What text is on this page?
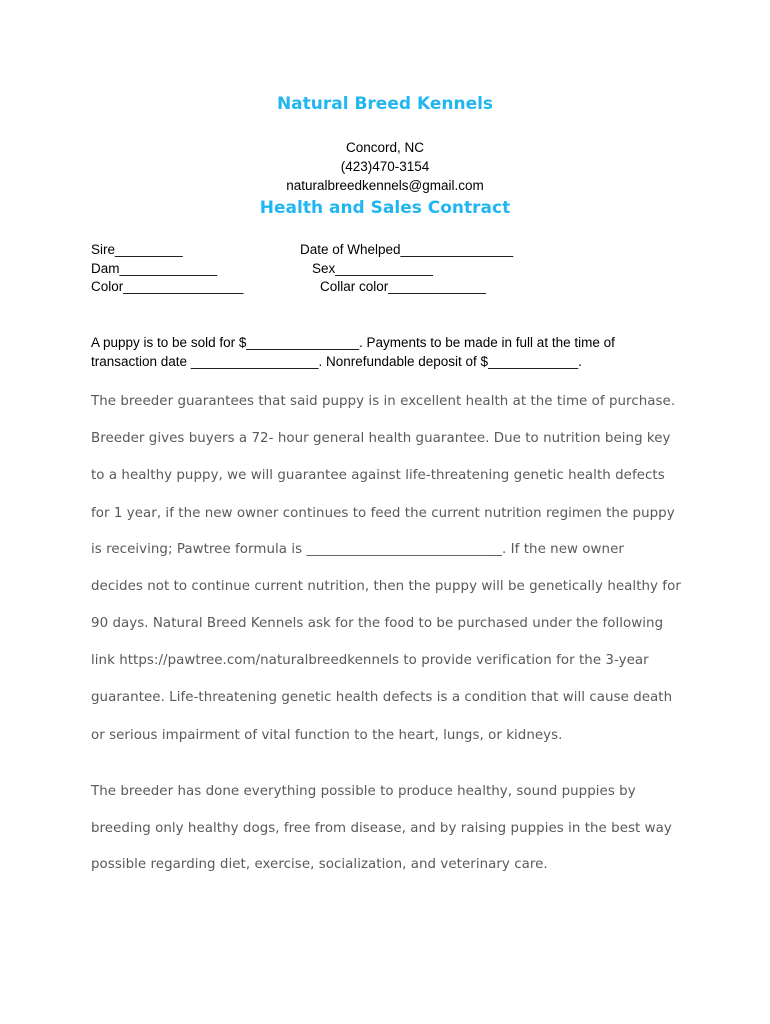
Natural Breed Kennels
Concord, NC
(423)470-3154
naturalbreedkennels@gmail.com
Health and Sales Contract
Sire_________
Dam_____________
Color________________
Date of Whelped_______________
Sex_____________
Collar color_____________
A puppy is to be sold for $_______________. Payments to be made in full at the time of
transaction date _________________. Nonrefundable deposit of $____________.
The breeder guarantees that said puppy is in excellent health at the time of purchase.
Breeder gives buyers a 72- hour general health guarantee. Due to nutrition being key
to a healthy puppy, we will guarantee against life-threatening genetic health defects
for 1 year, if the new owner continues to feed the current nutrition regimen the puppy
is receiving; Pawtree formula is _____________________________. If the new owner
decides not to continue current nutrition, then the puppy will be genetically healthy for
90 days. Natural Breed Kennels ask for the food to be purchased under the following
link https://pawtree.com/naturalbreedkennels to provide verification for the 3-year
guarantee. Life-threatening genetic health defects is a condition that will cause death
or serious impairment of vital function to the heart, lungs, or kidneys.
The breeder has done everything possible to produce healthy, sound puppies by
breeding only healthy dogs, free from disease, and by raising puppies in the best way
possible regarding diet, exercise, socialization, and veterinary care.
